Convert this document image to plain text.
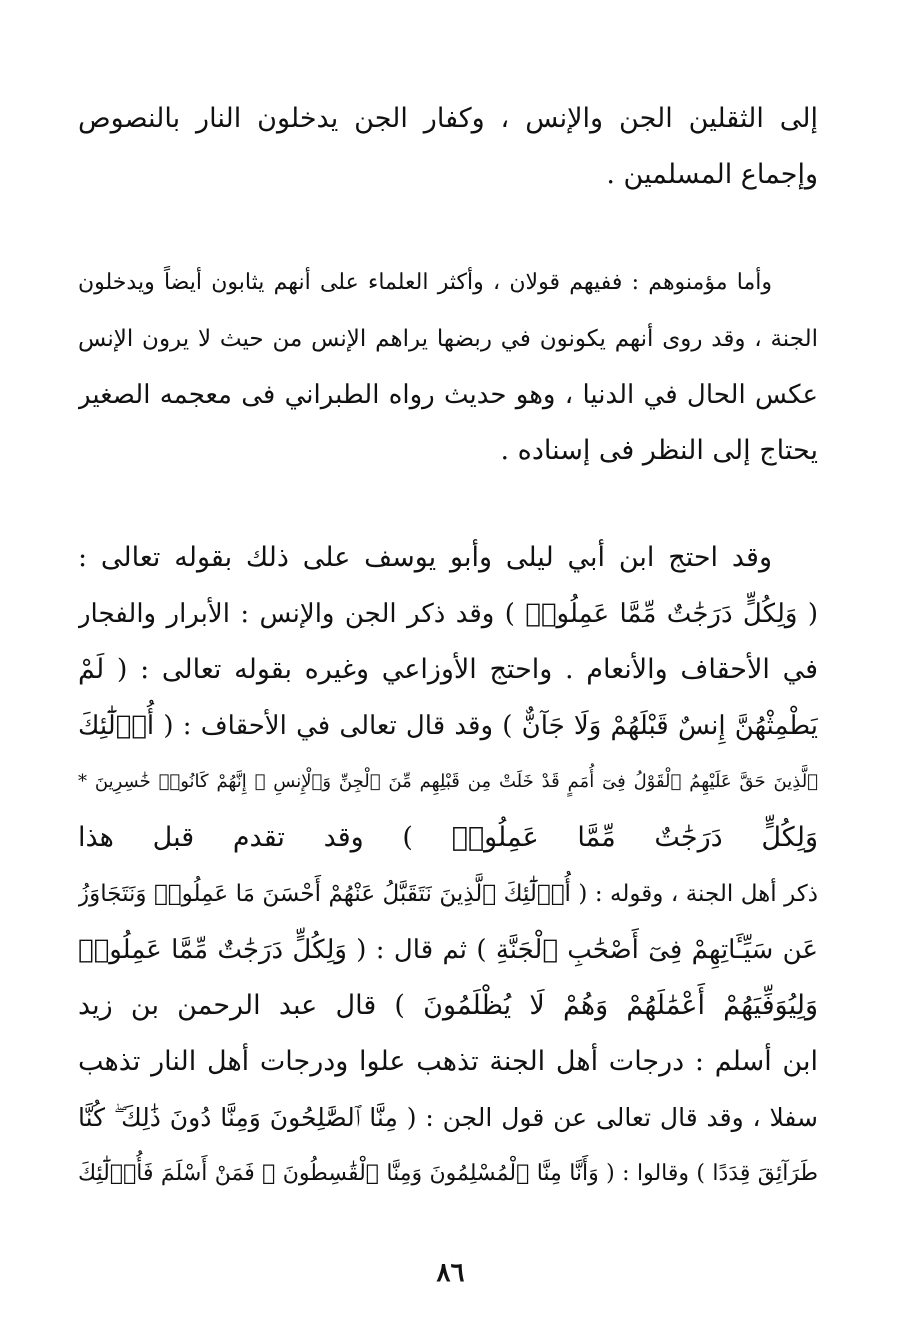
إلى الثقلين الجن والإنس ، وكفار الجن يدخلون النار بالنصوص
وإجماع المسلمين .
وأما مؤمنوهم : ففيهم قولان ، وأكثر العلماء على أنهم يثابون أيضاً ويدخلون
الجنة ، وقد روى أنهم يكونون في ربضها يراهم الإنس من حيث لا يرون الإنس
عكس الحال في الدنيا ، وهو حديث رواه الطبراني فى معجمه الصغير
يحتاج إلى النظر فى إسناده .
وقد احتج ابن أبي ليلى وأبو يوسف على ذلك بقوله تعالى :
( وَلِكُلٍّ دَرَجَٰتٌ مِّمَّا عَمِلُوا۟ ) وقد ذكر الجن والإنس : الأبرار والفجار
في الأحقاف والأنعام . واحتج الأوزاعي وغيره بقوله تعالى : ( لَمْ
يَطْمِثْهُنَّ إِنسٌ قَبْلَهُمْ وَلَا جَآنٌّ ) وقد قال تعالى في الأحقاف : ( أُو۟لَٰٓئِكَ
ٱلَّذِينَ حَقَّ عَلَيْهِمُ ٱلْقَوْلُ فِىٓ أُمَمٍ قَدْ خَلَتْ مِن قَبْلِهِم مِّنَ ٱلْجِنِّ وَٱلْإِنسِ ۖ إِنَّهُمْ كَانُوا۟ خَٰسِرِينَ *
وَلِكُلٍّ دَرَجَٰتٌ مِّمَّا عَمِلُوا۟ ) وقد تقدم قبل هذا
ذكر أهل الجنة ، وقوله : ( أُو۟لَٰٓئِكَ ٱلَّذِينَ نَتَقَبَّلُ عَنْهُمْ أَحْسَنَ مَا عَمِلُوا۟ وَنَتَجَاوَزُ
عَن سَيِّـَٔاتِهِمْ فِىٓ أَصْحَٰبِ ٱلْجَنَّةِ ) ثم قال : ( وَلِكُلٍّ دَرَجَٰتٌ مِّمَّا عَمِلُوا۟
وَلِيُوَفِّيَهُمْ أَعْمَٰلَهُمْ وَهُمْ لَا يُظْلَمُونَ ) قال عبد الرحمن بن زيد
ابن أسلم : درجات أهل الجنة تذهب علوا ودرجات أهل النار تذهب
سفلا ، وقد قال تعالى عن قول الجن : ( مِنَّا ٱلصَّٰلِحُونَ وَمِنَّا دُونَ ذَٰلِكَ ۖ كُنَّا
طَرَآئِقَ قِدَدًا ) وقالوا : ( وَأَنَّا مِنَّا ٱلْمُسْلِمُونَ وَمِنَّا ٱلْقَٰسِطُونَ ۖ فَمَنْ أَسْلَمَ فَأُو۟لَٰٓئِكَ
٨٦
